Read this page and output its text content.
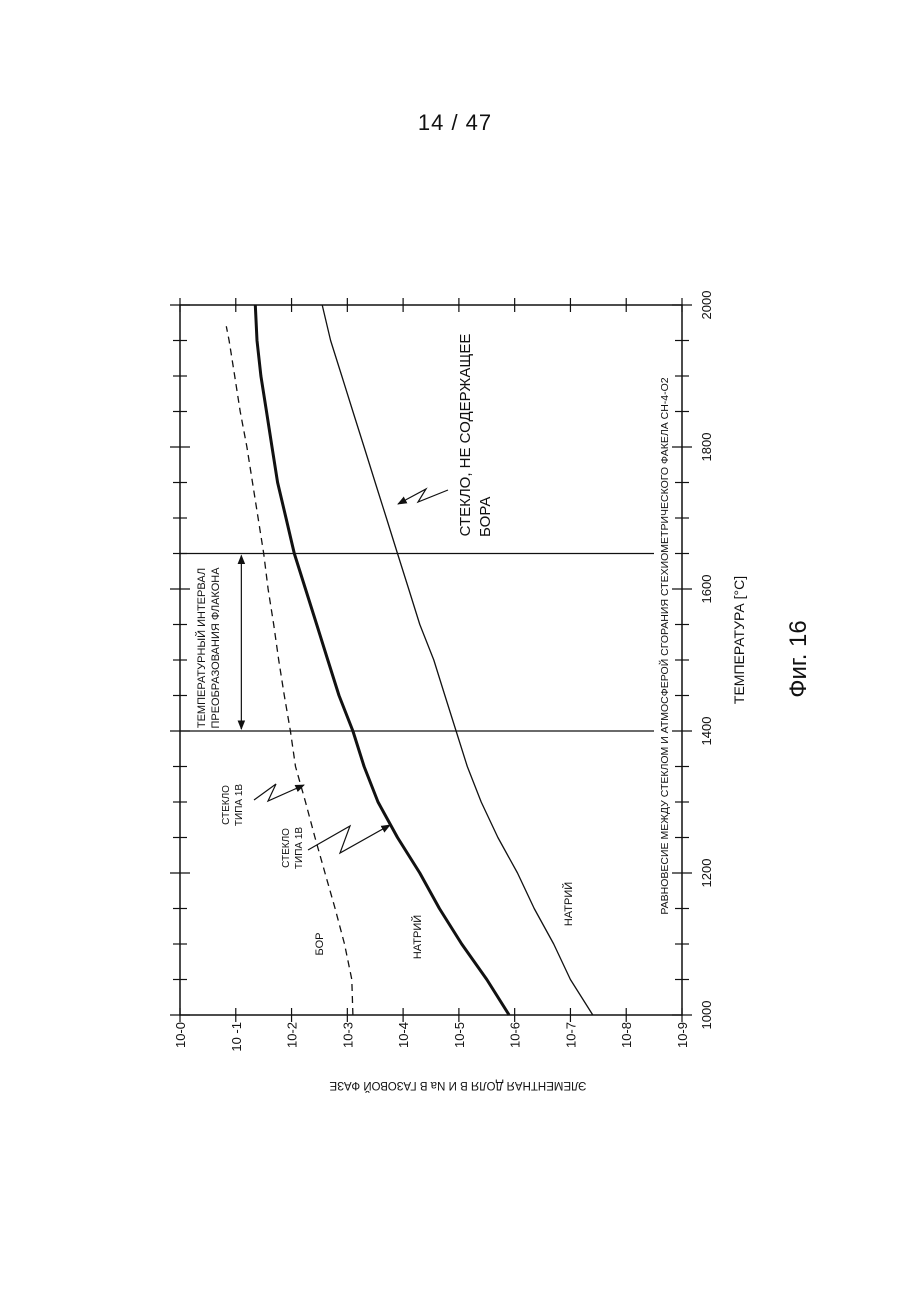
14 / 47
1000
1200
1400
1600
1800
2000
10-0	10 -1	10-2	10-3	10-4	10-5	10-6	10-7	10-8	10-9
ТЕМПЕРАТУРНЫЙ ИНТЕРВАЛ ПРЕОБРАЗОВАНИЯ ФЛАКОНА
СТЕКЛО ТИПА 1В
СТЕКЛО ТИПА 1В
СТЕКЛО, НЕ СОДЕРЖАЩЕЕ БОРА
БОР	НАТРИЙ
НАТРИЙ	РАВНОВЕСИЕ МЕЖДУ СТЕКЛОМ И АТМОСФЕРОЙ СГОРАНИЯ СТЕХИОМЕТРИЧЕСКОГО ФАКЕЛА CH-4-O2
ЭЛЕМЕНТНАЯ ДОЛЯ B И Na В ГАЗОВОЙ ФАЗЕ
ТЕМПЕРАТУРА [°C] Фиг. 16
